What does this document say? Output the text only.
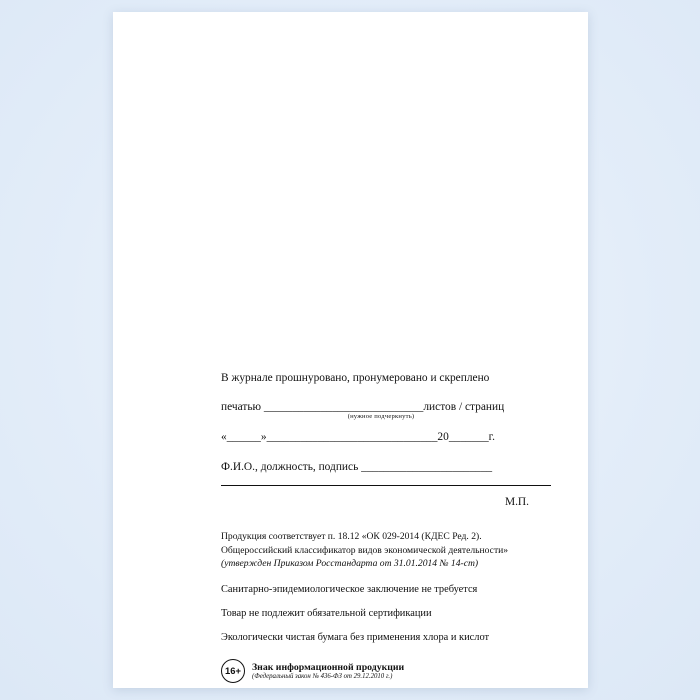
В журнале прошнуровано, пронумеровано и скреплено
печатью ____________________________листов / страниц
(нужное подчеркнуть)
«______»______________________________20_______г.
Ф.И.О., должность, подпись _______________________
М.П.
Продукция соответствует п. 18.12 «ОК 029-2014 (КДЕС Ред. 2).
Общероссийский классификатор видов экономической деятельности»
(утвержден Приказом Росстандарта от 31.01.2014 № 14-ст)
Санитарно-эпидемиологическое заключение не требуется
Товар не подлежит обязательной сертификации
Экологически чистая бумага без применения хлора и кислот
16+	Знак информационной продукции
(Федеральный закон № 436-ФЗ от 29.12.2010 г.)
